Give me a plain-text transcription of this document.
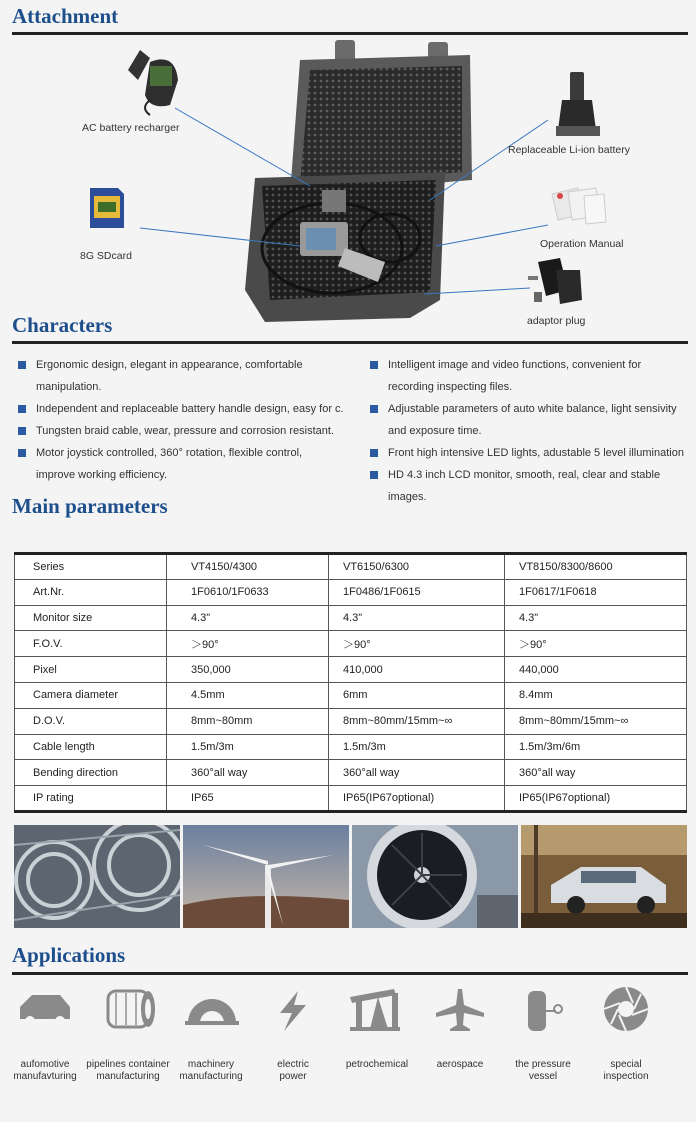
Attachment
AC battery recharger
Replaceable Li-ion battery
8G SDcard
Operation Manual
adaptor plug
Characters
Ergonomic design, elegant in appearance, comfortable
manipulation.
Independent and replaceable battery handle design, easy for c.
Tungsten braid cable, wear, pressure and corrosion resistant.
Motor joystick controlled, 360° rotation, flexible control,
improve working efficiency.
Intelligent image and video functions, convenient for
recording inspecting files.
Adjustable parameters of auto white balance, light sensivity
and exposure time.
Front high intensive LED lights, adustable 5 level illumination
HD 4.3 inch LCD monitor, smooth, real, clear and stable
images.
Main parameters
Series	VT4150/4300	VT6150/6300	VT8150/8300/8600
Art.Nr.	1F0610/1F0633	1F0486/1F0615	1F0617/1F0618
Monitor size	4.3"	4.3"	4.3"
F.O.V.	＞90°	＞90°	＞90°
Pixel	350,000	410,000	440,000
Camera diameter	4.5mm	6mm	8.4mm
D.O.V.	8mm~80mm	8mm~80mm/15mm~∞	8mm~80mm/15mm~∞
Cable length	1.5m/3m	1.5m/3m	1.5m/3m/6m
Bending direction	360°all way	360°all way	360°all way
IP rating	IP65	IP65(IP67optional)	IP65(IP67optional)
Applications
aufomotive
manufavturing
pipelines container
manufacturing
machinery
manufacturing
electric
power
petrochemical	aerospace	the pressure
vessel
special
inspection
